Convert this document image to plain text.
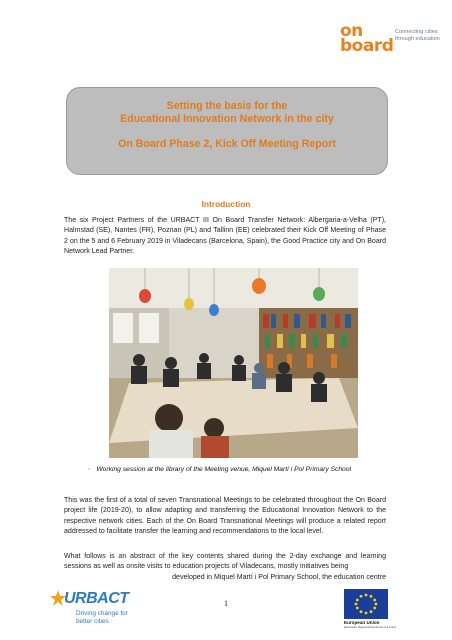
on
board
Connecting cities through education
Setting the basis for the
Educational Innovation Network in the city
On Board Phase 2, Kick Off Meeting Report
Introduction
The six Project Partners of the URBACT III On Board Transfer Network: Albergaria-a-Velha (PT), Halmstad (SE), Nantes (FR), Poznan (PL) and Tallinn (EE) celebrated their Kick Off Meeting of Phase 2 on the 5 and 6 February 2019 in Viladecans (Barcelona, Spain), the Good Practice city and On Board Network Lead Partner.
▪ Working session at the library of the Meeting venue, Miquel Martí i Pol Primary School
This was the first of a total of seven Transnational Meetings to be celebrated throughout the On Board project life (2019-20), to allow adapting and transferring the Educational Innovation Network to the respective network cities. Each of the On Board Transnational Meetings will produce a related report addressed to facilitate transfer the learning and recommendations to the local level.
What follows is an abstract of the key contents shared during the 2-day exchange and learning sessions as well as onsite visits to education projects of Viladecans, mostly initiatives being
developed in Miquel Martí i Pol Primary School, the education centre
1
URBACT
Driving change for
better cities	European Union
European Regional Development Fund
